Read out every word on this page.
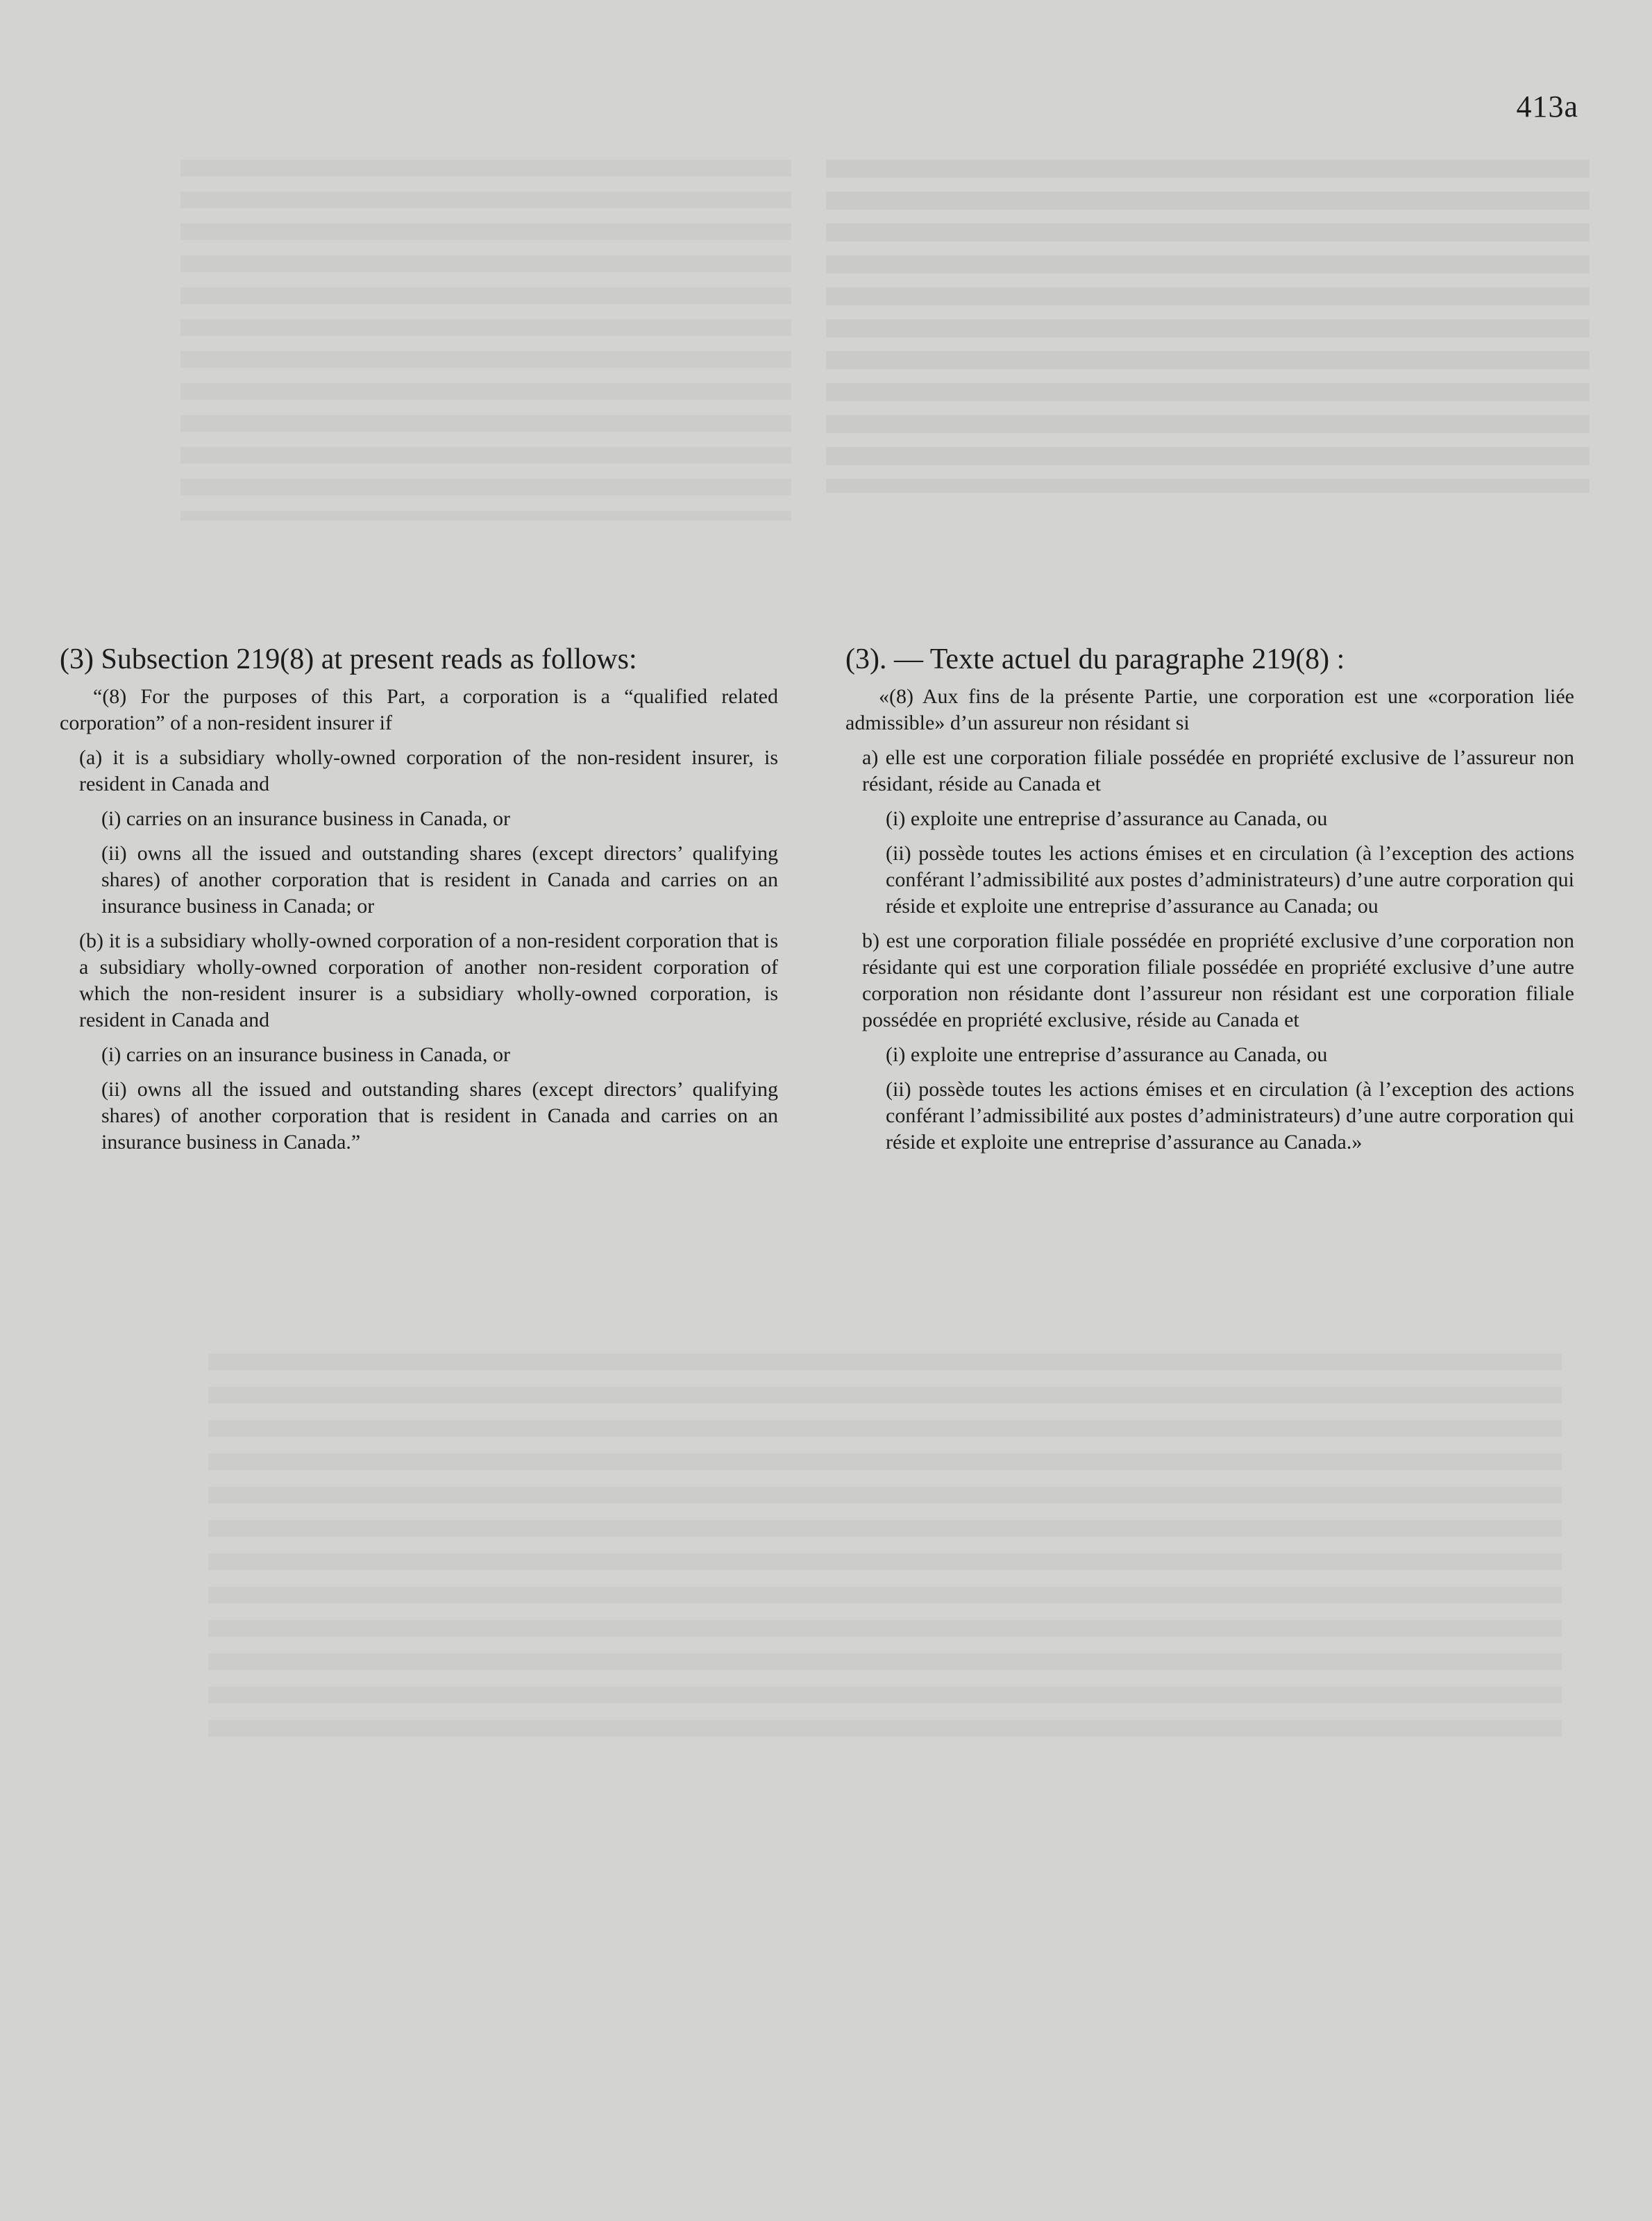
413a
(3) Subsection 219(8) at present reads as follows:
“(8) For the purposes of this Part, a corporation is a “qualified related corporation” of a non-resident insurer if
(a) it is a subsidiary wholly-owned corporation of the non-resident insurer, is resident in Canada and
(i) carries on an insurance business in Canada, or
(ii) owns all the issued and outstanding shares (except directors’ qualifying shares) of another corporation that is resident in Canada and carries on an insurance business in Canada; or
(b) it is a subsidiary wholly-owned corporation of a non-resident corporation that is a subsidiary wholly-owned corporation of another non-resident corporation of which the non-resident insurer is a subsidiary wholly-owned corporation, is resident in Canada and
(i) carries on an insurance business in Canada, or
(ii) owns all the issued and outstanding shares (except directors’ qualifying shares) of another corporation that is resident in Canada and carries on an insurance business in Canada.”
(3). — Texte actuel du paragraphe 219(8) :
«(8) Aux fins de la présente Partie, une corporation est une «corporation liée admissible» d’un assureur non résidant si
a) elle est une corporation filiale possédée en propriété exclusive de l’assureur non résidant, réside au Canada et
(i) exploite une entreprise d’assurance au Canada, ou
(ii) possède toutes les actions émises et en circulation (à l’exception des actions conférant l’admissibilité aux postes d’administrateurs) d’une autre corporation qui réside et exploite une entreprise d’assurance au Canada; ou
b) est une corporation filiale possédée en propriété exclusive d’une corporation non résidante qui est une corporation filiale possédée en propriété exclusive d’une autre corporation non résidante dont l’assureur non résidant est une corporation filiale possédée en propriété exclusive, réside au Canada et
(i) exploite une entreprise d’assurance au Canada, ou
(ii) possède toutes les actions émises et en circulation (à l’exception des actions conférant l’admissibilité aux postes d’administrateurs) d’une autre corporation qui réside et exploite une entreprise d’assurance au Canada.»
